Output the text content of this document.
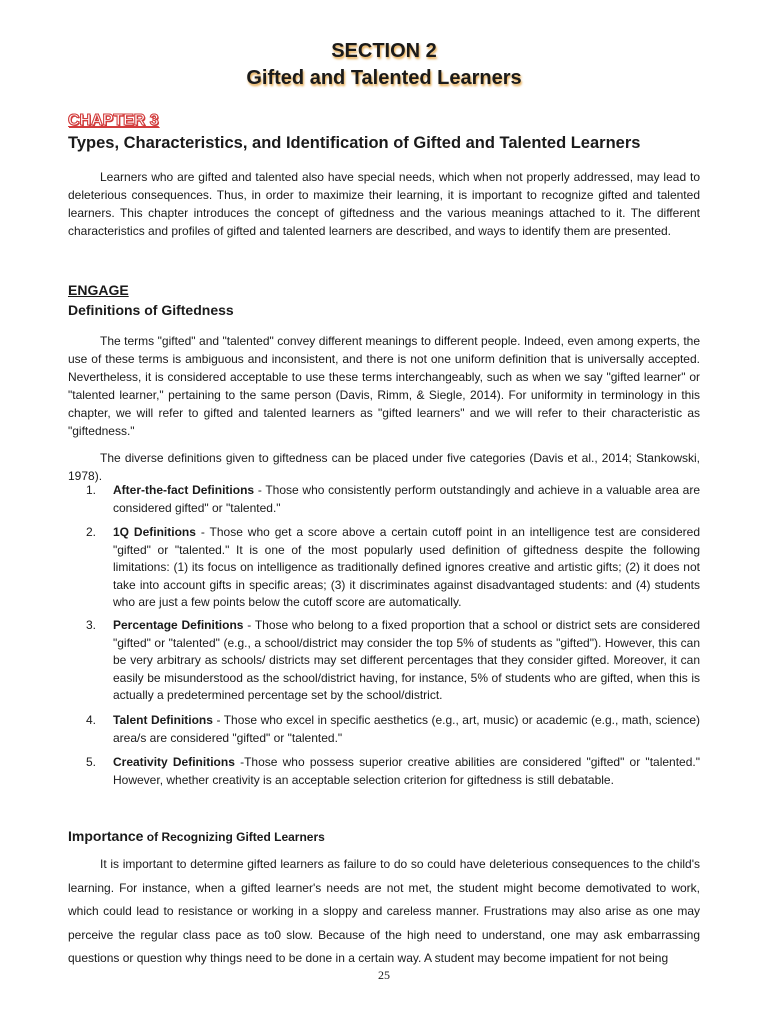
SECTION 2
Gifted and Talented Learners
CHAPTER 3
Types, Characteristics, and Identification of Gifted and Talented Learners

Learners who are gifted and talented also have special needs, which when not properly addressed, may lead to deleterious consequences. Thus, in order to maximize their learning, it is important to recognize gifted and talented learners. This chapter introduces the concept of giftedness and the various meanings attached to it. The different characteristics and profiles of gifted and talented learners are described, and ways to identify them are presented.

ENGAGE
Definitions of Giftedness

The terms "gifted" and "talented" convey different meanings to different people. Indeed, even among experts, the use of these terms is ambiguous and inconsistent, and there is not one uniform definition that is universally accepted. Nevertheless, it is considered acceptable to use these terms interchangeably, such as when we say "gifted learner" or "talented learner," pertaining to the same person (Davis, Rimm, & Siegle, 2014). For uniformity in terminology in this chapter, we will refer to gifted and talented learners as "gifted learners" and we will refer to their characteristic as "giftedness."

The diverse definitions given to giftedness can be placed under five categories (Davis et al., 2014; Stankowski, 1978).

1.	After-the-fact Definitions - Those who consistently perform outstandingly and achieve in a valuable area are considered gifted" or "talented."
2.	1Q Definitions - Those who get a score above a certain cutoff point in an intelligence test are considered "gifted" or "talented." It is one of the most popularly used definition of giftedness despite the following limitations: (1) its focus on intelligence as traditionally defined ignores creative and artistic gifts; (2) it does not take into account gifts in specific areas; (3) it discriminates against disadvantaged students: and (4) students who are just a few points below the cutoff score are automatically.
3.	Percentage Definitions - Those who belong to a fixed proportion that a school or district sets are considered "gifted" or "talented" (e.g., a school/district may consider the top 5% of students as "gifted"). However, this can be very arbitrary as schools/ districts may set different percentages that they consider gifted. Moreover, it can easily be misunderstood as the school/district having, for instance, 5% of students who are gifted, when this is actually a predetermined percentage set by the school/district.
4.	Talent Definitions - Those who excel in specific aesthetics (e.g., art, music) or academic (e.g., math, science) area/s are considered "gifted" or "talented."
5.	Creativity Definitions -Those who possess superior creative abilities are considered "gifted" or "talented." However, whether creativity is an acceptable selection criterion for giftedness is still debatable.
Importance of Recognizing Gifted Learners

It is important to determine gifted learners as failure to do so could have deleterious consequences to the child's learning. For instance, when a gifted learner's needs are not met, the student might become demotivated to work, which could lead to resistance or working in a sloppy and careless manner. Frustrations may also arise as one may perceive the regular class pace as to0 slow. Because of the high need to understand, one may ask embarrassing questions or question why things need to be done in a certain way. A student may become impatient for not being

25
